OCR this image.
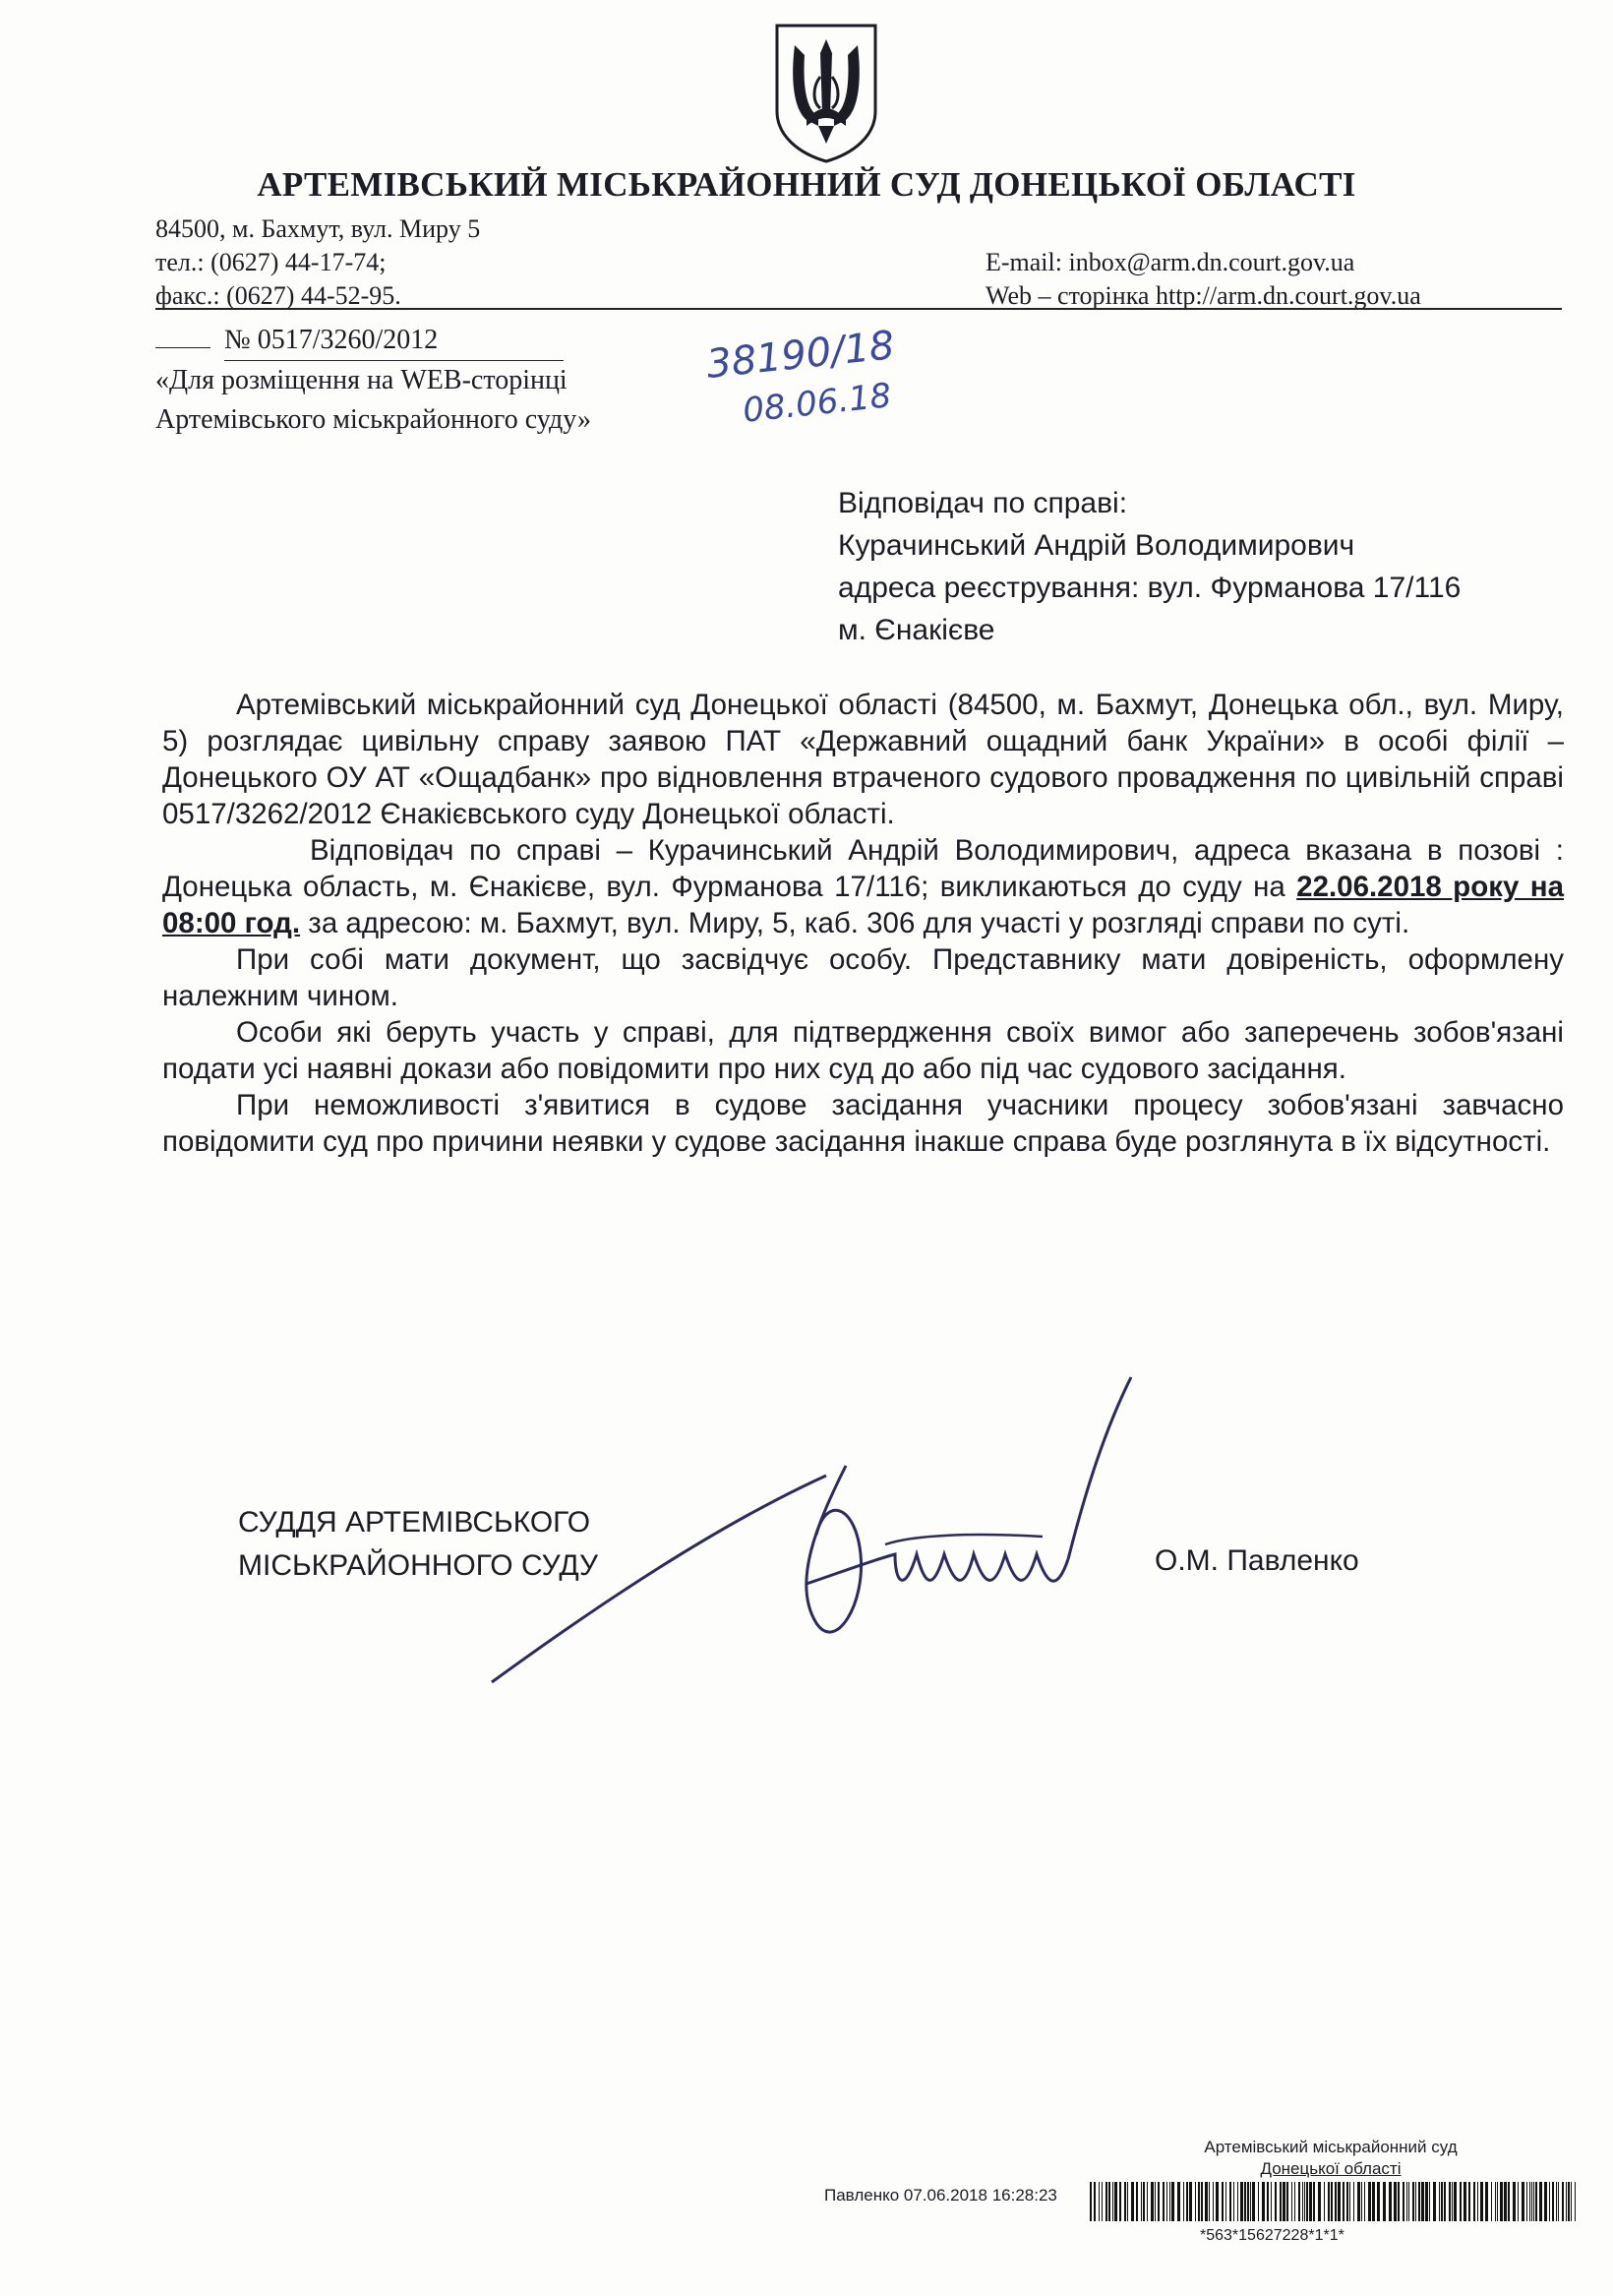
АРТЕМІВСЬКИЙ МІСЬКРАЙОННИЙ СУД ДОНЕЦЬКОЇ ОБЛАСТІ
84500, м. Бахмут, вул. Миру 5
тел.: (0627) 44-17-74;
факс.: (0627) 44-52-95.
E-mail: inbox@arm.dn.court.gov.ua
Web – сторінка http://arm.dn.court.gov.ua
№ 0517/3260/2012
«Для розміщення на WEB-сторінці
Артемівського міськрайонного суду»
38190/18
08.06.18
Відповідач по справі:
Курачинський Андрій Володимирович
адреса реєстрування: вул. Фурманова 17/116
м. Єнакієве

Артемівський міськрайонний суд Донецької області (84500, м. Бахмут, Донецька обл., вул. Миру, 5) розглядає цивільну справу заявою ПАТ «Державний ощадний банк України» в особі філії – Донецького ОУ АТ «Ощадбанк» про відновлення втраченого судового провадження по цивільній справі 0517/3262/2012 Єнакієвського суду Донецької області.

Відповідач по справі – Курачинський Андрій Володимирович, адреса вказана в позові : Донецька область, м. Єнакієве, вул. Фурманова 17/116; викликаються до суду на 22.06.2018 року на 08:00 год. за адресою: м. Бахмут, вул. Миру, 5, каб. 306 для участі у розгляді справи по суті.

При собі мати документ, що засвідчує особу. Представнику мати довіреність, оформлену належним чином.

Особи які беруть участь у справі, для підтвердження своїх вимог або заперечень зобов'язані подати усі наявні докази або повідомити про них суд до або під час судового засідання.

При неможливості з'явитися в судове засідання учасники процесу зобов'язані завчасно повідомити суд про причини неявки у судове засідання інакше справа буде розглянута в їх відсутності.

СУДДЯ АРТЕМІВСЬКОГО
МІСЬКРАЙОННОГО СУДУ	О.М. Павленко
Артемівський міськрайонний суд
Донецької області
Павленко 07.06.2018 16:28:23
*563*15627228*1*1*
